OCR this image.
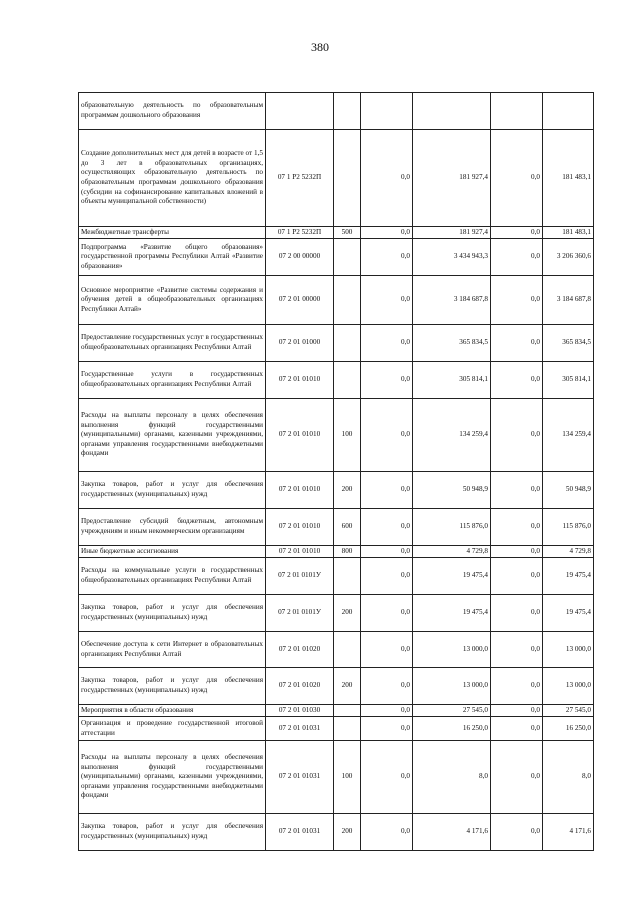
380
образовательную деятельность по образовательным программам дошкольного образования						
Создание дополнительных мест для детей в возрасте от 1,5 до 3 лет в образовательных организациях, осуществляющих образовательную деятельность по образовательным программам дошкольного образования (субсидии на софинансирование капитальных вложений в объекты муниципальной собственности)	07 1 P2 5232П		0,0	181 927,4	0,0	181 483,1
Межбюджетные трансферты	07 1 P2 5232П	500	0,0	181 927,4	0,0	181 483,1
Подпрограмма «Развитие общего образования» государственной программы Республики Алтай «Развитие образования»	07 2 00 00000		0,0	3 434 943,3	0,0	3 206 360,6
Основное мероприятие «Развитие системы содержания и обучения детей в общеобразовательных организациях Республики Алтай»	07 2 01 00000		0,0	3 184 687,8	0,0	3 184 687,8
Предоставление государственных услуг в государственных общеобразовательных организациях Республики Алтай	07 2 01 01000		0,0	365 834,5	0,0	365 834,5
Государственные услуги в государственных общеобразовательных организациях Республики Алтай	07 2 01 01010		0,0	305 814,1	0,0	305 814,1
Расходы на выплаты персоналу в целях обеспечения выполнения функций государственными (муниципальными) органами, казенными учреждениями, органами управления государственными внебюджетными фондами	07 2 01 01010	100	0,0	134 259,4	0,0	134 259,4
Закупка товаров, работ и услуг для обеспечения государственных (муниципальных) нужд	07 2 01 01010	200	0,0	50 948,9	0,0	50 948,9
Предоставление субсидий бюджетным, автономным учреждениям и иным некоммерческим организациям	07 2 01 01010	600	0,0	115 876,0	0,0	115 876,0
Иные бюджетные ассигнования	07 2 01 01010	800	0,0	4 729,8	0,0	4 729,8
Расходы на коммунальные услуги в государственных общеобразовательных организациях Республики Алтай	07 2 01 0101У		0,0	19 475,4	0,0	19 475,4
Закупка товаров, работ и услуг для обеспечения государственных (муниципальных) нужд	07 2 01 0101У	200	0,0	19 475,4	0,0	19 475,4
Обеспечение доступа к сети Интернет в образовательных организациях Республики Алтай	07 2 01 01020		0,0	13 000,0	0,0	13 000,0
Закупка товаров, работ и услуг для обеспечения государственных (муниципальных) нужд	07 2 01 01020	200	0,0	13 000,0	0,0	13 000,0
Мероприятия в области образования	07 2 01 01030		0,0	27 545,0	0,0	27 545,0
Организация и проведение государственной итоговой аттестации	07 2 01 01031		0,0	16 250,0	0,0	16 250,0
Расходы на выплаты персоналу в целях обеспечения выполнения функций государственными (муниципальными) органами, казенными учреждениями, органами управления государственными внебюджетными фондами	07 2 01 01031	100	0,0	8,0	0,0	8,0
Закупка товаров, работ и услуг для обеспечения государственных (муниципальных) нужд	07 2 01 01031	200	0,0	4 171,6	0,0	4 171,6
